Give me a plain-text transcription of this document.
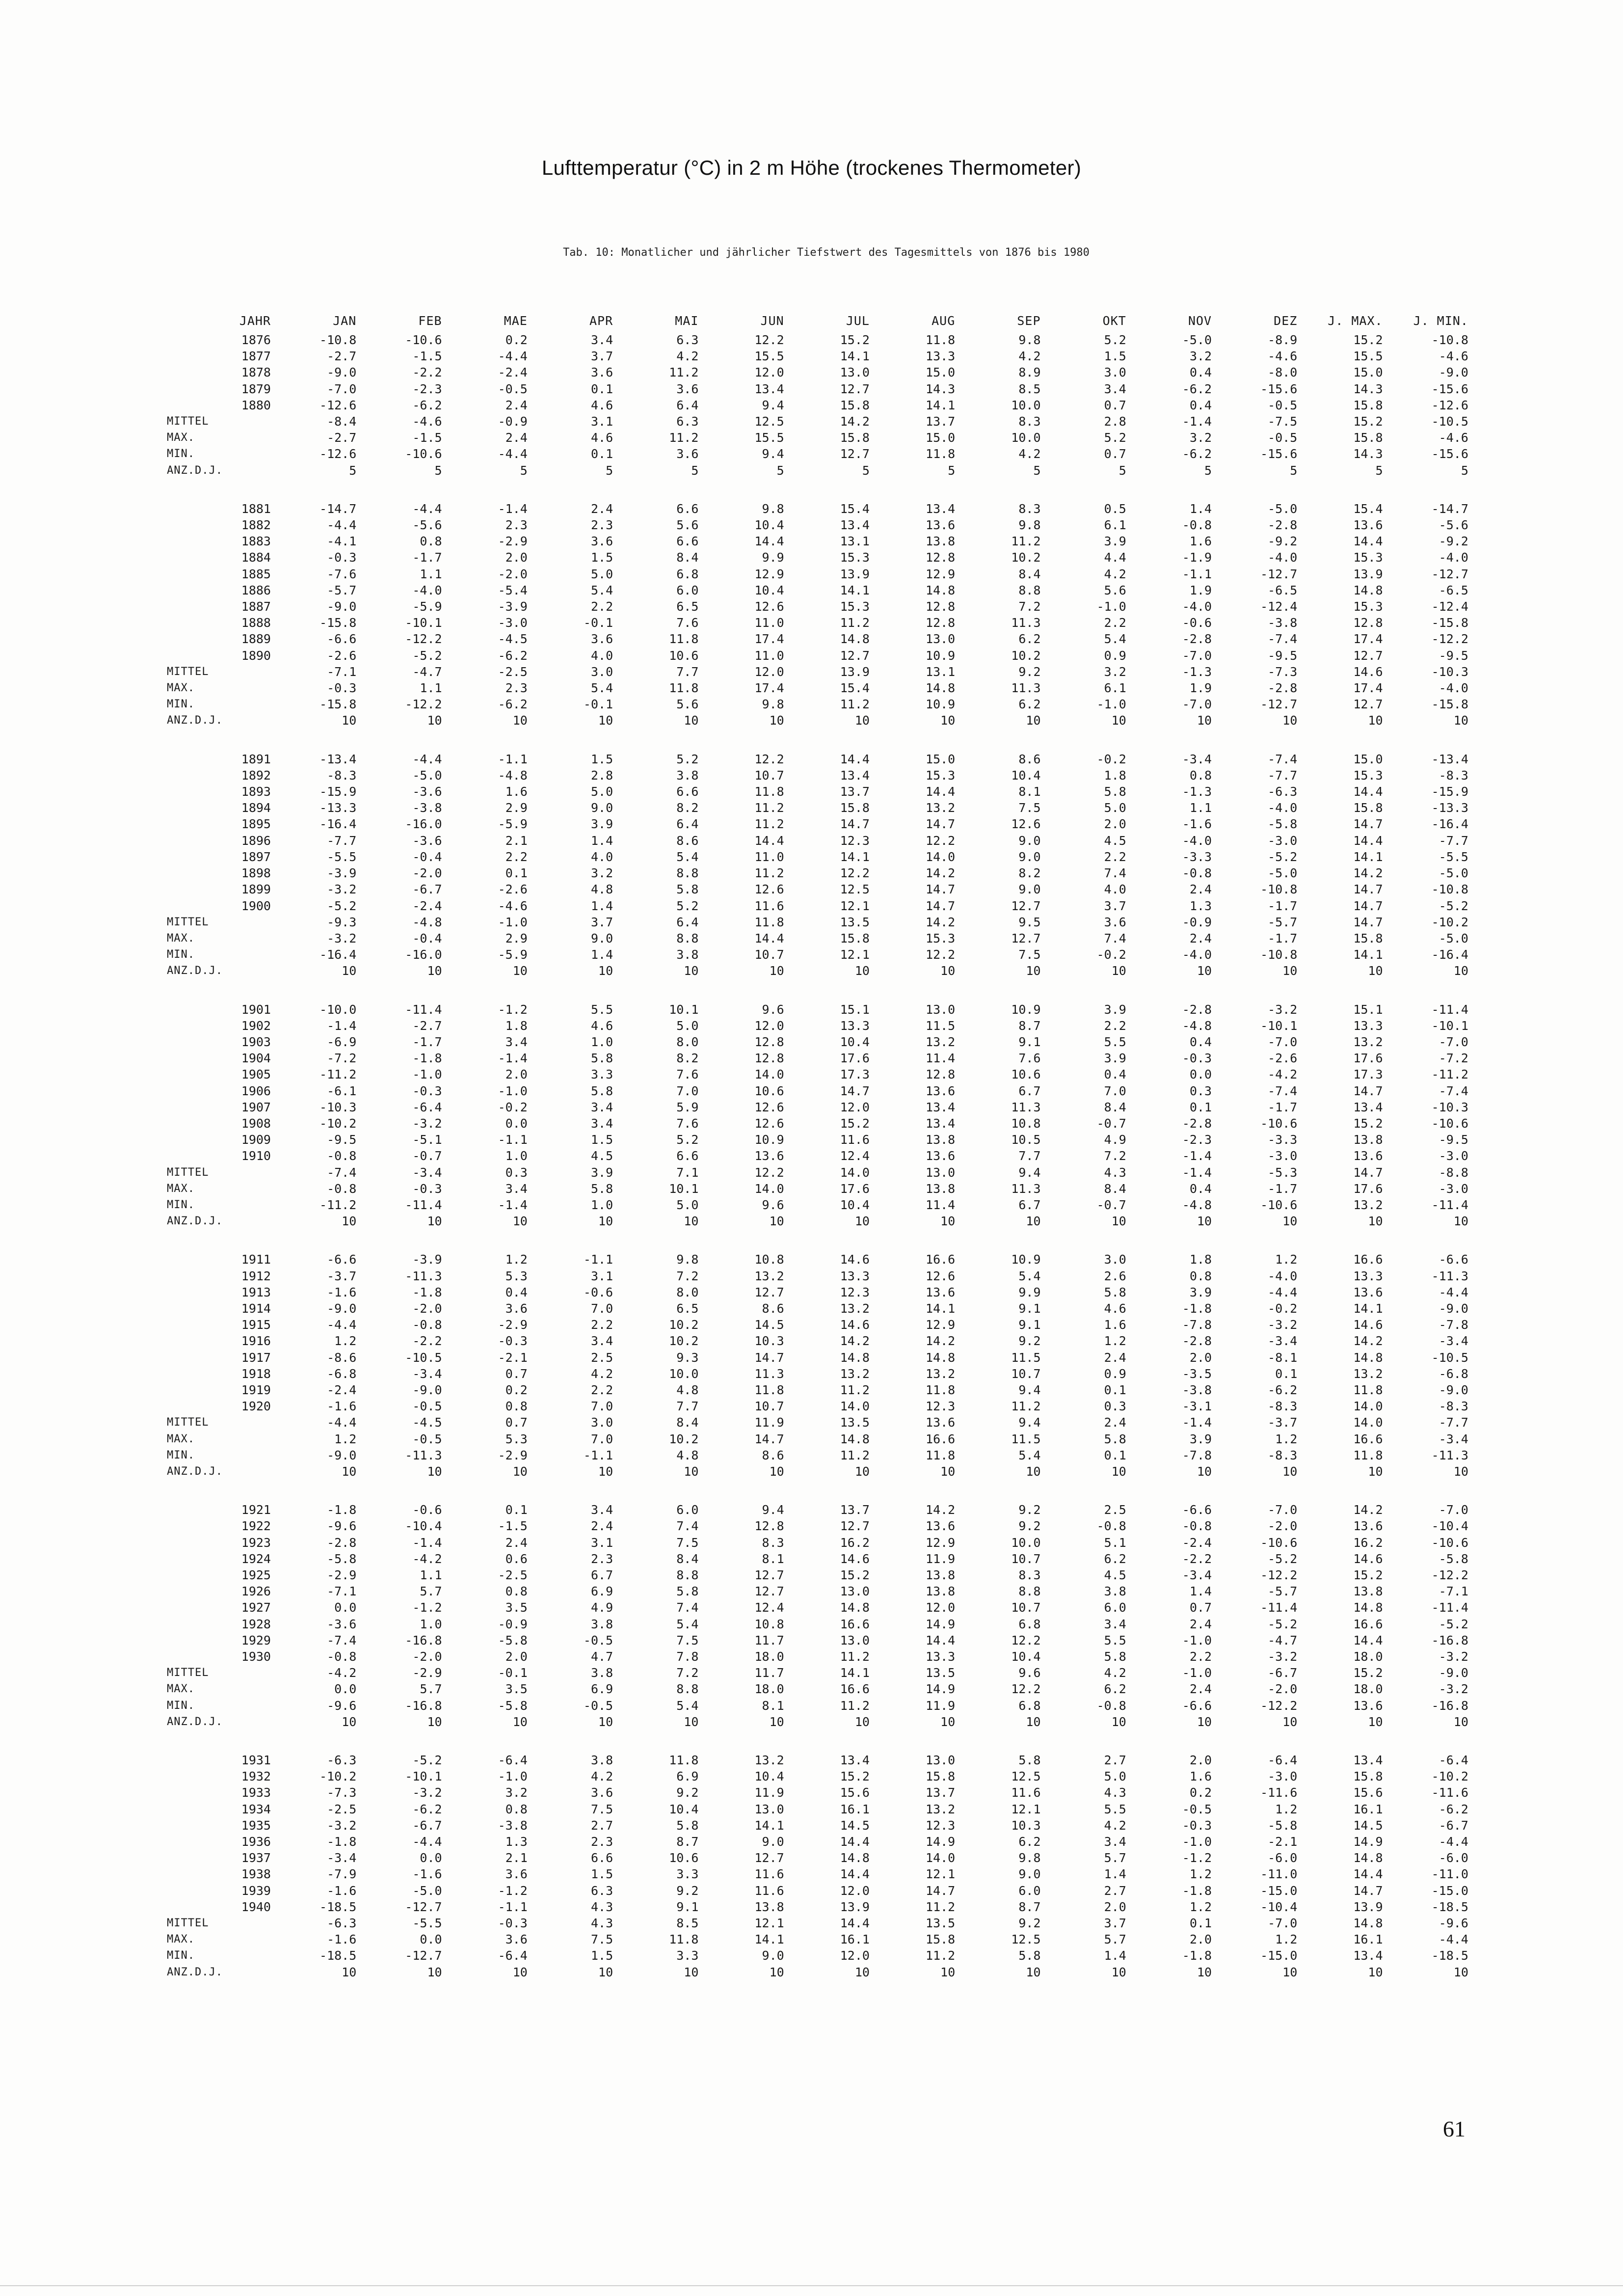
Lufttemperatur (°C) in 2 m Höhe (trockenes Thermometer)
Tab. 10: Monatlicher und jährlicher Tiefstwert des Tagesmittels von 1876 bis 1980
	JAHR	JAN	FEB	MAE	APR	MAI	JUN	JUL	AUG	SEP	OKT	NOV	DEZ	J. MAX.	J. MIN.
	1876	-10.8	-10.6	0.2	3.4	6.3	12.2	15.2	11.8	9.8	5.2	-5.0	-8.9	15.2	-10.8
	1877	-2.7	-1.5	-4.4	3.7	4.2	15.5	14.1	13.3	4.2	1.5	3.2	-4.6	15.5	-4.6
	1878	-9.0	-2.2	-2.4	3.6	11.2	12.0	13.0	15.0	8.9	3.0	0.4	-8.0	15.0	-9.0
	1879	-7.0	-2.3	-0.5	0.1	3.6	13.4	12.7	14.3	8.5	3.4	-6.2	-15.6	14.3	-15.6
	1880	-12.6	-6.2	2.4	4.6	6.4	9.4	15.8	14.1	10.0	0.7	0.4	-0.5	15.8	-12.6
MITTEL		-8.4	-4.6	-0.9	3.1	6.3	12.5	14.2	13.7	8.3	2.8	-1.4	-7.5	15.2	-10.5
MAX.		-2.7	-1.5	2.4	4.6	11.2	15.5	15.8	15.0	10.0	5.2	3.2	-0.5	15.8	-4.6
MIN.		-12.6	-10.6	-4.4	0.1	3.6	9.4	12.7	11.8	4.2	0.7	-6.2	-15.6	14.3	-15.6
ANZ.D.J.		5	5	5	5	5	5	5	5	5	5	5	5	5	5

	1881	-14.7	-4.4	-1.4	2.4	6.6	9.8	15.4	13.4	8.3	0.5	1.4	-5.0	15.4	-14.7
	1882	-4.4	-5.6	2.3	2.3	5.6	10.4	13.4	13.6	9.8	6.1	-0.8	-2.8	13.6	-5.6
	1883	-4.1	0.8	-2.9	3.6	6.6	14.4	13.1	13.8	11.2	3.9	1.6	-9.2	14.4	-9.2
	1884	-0.3	-1.7	2.0	1.5	8.4	9.9	15.3	12.8	10.2	4.4	-1.9	-4.0	15.3	-4.0
	1885	-7.6	1.1	-2.0	5.0	6.8	12.9	13.9	12.9	8.4	4.2	-1.1	-12.7	13.9	-12.7
	1886	-5.7	-4.0	-5.4	5.4	6.0	10.4	14.1	14.8	8.8	5.6	1.9	-6.5	14.8	-6.5
	1887	-9.0	-5.9	-3.9	2.2	6.5	12.6	15.3	12.8	7.2	-1.0	-4.0	-12.4	15.3	-12.4
	1888	-15.8	-10.1	-3.0	-0.1	7.6	11.0	11.2	12.8	11.3	2.2	-0.6	-3.8	12.8	-15.8
	1889	-6.6	-12.2	-4.5	3.6	11.8	17.4	14.8	13.0	6.2	5.4	-2.8	-7.4	17.4	-12.2
	1890	-2.6	-5.2	-6.2	4.0	10.6	11.0	12.7	10.9	10.2	0.9	-7.0	-9.5	12.7	-9.5
MITTEL		-7.1	-4.7	-2.5	3.0	7.7	12.0	13.9	13.1	9.2	3.2	-1.3	-7.3	14.6	-10.3
MAX.		-0.3	1.1	2.3	5.4	11.8	17.4	15.4	14.8	11.3	6.1	1.9	-2.8	17.4	-4.0
MIN.		-15.8	-12.2	-6.2	-0.1	5.6	9.8	11.2	10.9	6.2	-1.0	-7.0	-12.7	12.7	-15.8
ANZ.D.J.		10	10	10	10	10	10	10	10	10	10	10	10	10	10

	1891	-13.4	-4.4	-1.1	1.5	5.2	12.2	14.4	15.0	8.6	-0.2	-3.4	-7.4	15.0	-13.4
	1892	-8.3	-5.0	-4.8	2.8	3.8	10.7	13.4	15.3	10.4	1.8	0.8	-7.7	15.3	-8.3
	1893	-15.9	-3.6	1.6	5.0	6.6	11.8	13.7	14.4	8.1	5.8	-1.3	-6.3	14.4	-15.9
	1894	-13.3	-3.8	2.9	9.0	8.2	11.2	15.8	13.2	7.5	5.0	1.1	-4.0	15.8	-13.3
	1895	-16.4	-16.0	-5.9	3.9	6.4	11.2	14.7	14.7	12.6	2.0	-1.6	-5.8	14.7	-16.4
	1896	-7.7	-3.6	2.1	1.4	8.6	14.4	12.3	12.2	9.0	4.5	-4.0	-3.0	14.4	-7.7
	1897	-5.5	-0.4	2.2	4.0	5.4	11.0	14.1	14.0	9.0	2.2	-3.3	-5.2	14.1	-5.5
	1898	-3.9	-2.0	0.1	3.2	8.8	11.2	12.2	14.2	8.2	7.4	-0.8	-5.0	14.2	-5.0
	1899	-3.2	-6.7	-2.6	4.8	5.8	12.6	12.5	14.7	9.0	4.0	2.4	-10.8	14.7	-10.8
	1900	-5.2	-2.4	-4.6	1.4	5.2	11.6	12.1	14.7	12.7	3.7	1.3	-1.7	14.7	-5.2
MITTEL		-9.3	-4.8	-1.0	3.7	6.4	11.8	13.5	14.2	9.5	3.6	-0.9	-5.7	14.7	-10.2
MAX.		-3.2	-0.4	2.9	9.0	8.8	14.4	15.8	15.3	12.7	7.4	2.4	-1.7	15.8	-5.0
MIN.		-16.4	-16.0	-5.9	1.4	3.8	10.7	12.1	12.2	7.5	-0.2	-4.0	-10.8	14.1	-16.4
ANZ.D.J.		10	10	10	10	10	10	10	10	10	10	10	10	10	10

	1901	-10.0	-11.4	-1.2	5.5	10.1	9.6	15.1	13.0	10.9	3.9	-2.8	-3.2	15.1	-11.4
	1902	-1.4	-2.7	1.8	4.6	5.0	12.0	13.3	11.5	8.7	2.2	-4.8	-10.1	13.3	-10.1
	1903	-6.9	-1.7	3.4	1.0	8.0	12.8	10.4	13.2	9.1	5.5	0.4	-7.0	13.2	-7.0
	1904	-7.2	-1.8	-1.4	5.8	8.2	12.8	17.6	11.4	7.6	3.9	-0.3	-2.6	17.6	-7.2
	1905	-11.2	-1.0	2.0	3.3	7.6	14.0	17.3	12.8	10.6	0.4	0.0	-4.2	17.3	-11.2
	1906	-6.1	-0.3	-1.0	5.8	7.0	10.6	14.7	13.6	6.7	7.0	0.3	-7.4	14.7	-7.4
	1907	-10.3	-6.4	-0.2	3.4	5.9	12.6	12.0	13.4	11.3	8.4	0.1	-1.7	13.4	-10.3
	1908	-10.2	-3.2	0.0	3.4	7.6	12.6	15.2	13.4	10.8	-0.7	-2.8	-10.6	15.2	-10.6
	1909	-9.5	-5.1	-1.1	1.5	5.2	10.9	11.6	13.8	10.5	4.9	-2.3	-3.3	13.8	-9.5
	1910	-0.8	-0.7	1.0	4.5	6.6	13.6	12.4	13.6	7.7	7.2	-1.4	-3.0	13.6	-3.0
MITTEL		-7.4	-3.4	0.3	3.9	7.1	12.2	14.0	13.0	9.4	4.3	-1.4	-5.3	14.7	-8.8
MAX.		-0.8	-0.3	3.4	5.8	10.1	14.0	17.6	13.8	11.3	8.4	0.4	-1.7	17.6	-3.0
MIN.		-11.2	-11.4	-1.4	1.0	5.0	9.6	10.4	11.4	6.7	-0.7	-4.8	-10.6	13.2	-11.4
ANZ.D.J.		10	10	10	10	10	10	10	10	10	10	10	10	10	10

	1911	-6.6	-3.9	1.2	-1.1	9.8	10.8	14.6	16.6	10.9	3.0	1.8	1.2	16.6	-6.6
	1912	-3.7	-11.3	5.3	3.1	7.2	13.2	13.3	12.6	5.4	2.6	0.8	-4.0	13.3	-11.3
	1913	-1.6	-1.8	0.4	-0.6	8.0	12.7	12.3	13.6	9.9	5.8	3.9	-4.4	13.6	-4.4
	1914	-9.0	-2.0	3.6	7.0	6.5	8.6	13.2	14.1	9.1	4.6	-1.8	-0.2	14.1	-9.0
	1915	-4.4	-0.8	-2.9	2.2	10.2	14.5	14.6	12.9	9.1	1.6	-7.8	-3.2	14.6	-7.8
	1916	1.2	-2.2	-0.3	3.4	10.2	10.3	14.2	14.2	9.2	1.2	-2.8	-3.4	14.2	-3.4
	1917	-8.6	-10.5	-2.1	2.5	9.3	14.7	14.8	14.8	11.5	2.4	2.0	-8.1	14.8	-10.5
	1918	-6.8	-3.4	0.7	4.2	10.0	11.3	13.2	13.2	10.7	0.9	-3.5	0.1	13.2	-6.8
	1919	-2.4	-9.0	0.2	2.2	4.8	11.8	11.2	11.8	9.4	0.1	-3.8	-6.2	11.8	-9.0
	1920	-1.6	-0.5	0.8	7.0	7.7	10.7	14.0	12.3	11.2	0.3	-3.1	-8.3	14.0	-8.3
MITTEL		-4.4	-4.5	0.7	3.0	8.4	11.9	13.5	13.6	9.4	2.4	-1.4	-3.7	14.0	-7.7
MAX.		1.2	-0.5	5.3	7.0	10.2	14.7	14.8	16.6	11.5	5.8	3.9	1.2	16.6	-3.4
MIN.		-9.0	-11.3	-2.9	-1.1	4.8	8.6	11.2	11.8	5.4	0.1	-7.8	-8.3	11.8	-11.3
ANZ.D.J.		10	10	10	10	10	10	10	10	10	10	10	10	10	10

	1921	-1.8	-0.6	0.1	3.4	6.0	9.4	13.7	14.2	9.2	2.5	-6.6	-7.0	14.2	-7.0
	1922	-9.6	-10.4	-1.5	2.4	7.4	12.8	12.7	13.6	9.2	-0.8	-0.8	-2.0	13.6	-10.4
	1923	-2.8	-1.4	2.4	3.1	7.5	8.3	16.2	12.9	10.0	5.1	-2.4	-10.6	16.2	-10.6
	1924	-5.8	-4.2	0.6	2.3	8.4	8.1	14.6	11.9	10.7	6.2	-2.2	-5.2	14.6	-5.8
	1925	-2.9	1.1	-2.5	6.7	8.8	12.7	15.2	13.8	8.3	4.5	-3.4	-12.2	15.2	-12.2
	1926	-7.1	5.7	0.8	6.9	5.8	12.7	13.0	13.8	8.8	3.8	1.4	-5.7	13.8	-7.1
	1927	0.0	-1.2	3.5	4.9	7.4	12.4	14.8	12.0	10.7	6.0	0.7	-11.4	14.8	-11.4
	1928	-3.6	1.0	-0.9	3.8	5.4	10.8	16.6	14.9	6.8	3.4	2.4	-5.2	16.6	-5.2
	1929	-7.4	-16.8	-5.8	-0.5	7.5	11.7	13.0	14.4	12.2	5.5	-1.0	-4.7	14.4	-16.8
	1930	-0.8	-2.0	2.0	4.7	7.8	18.0	11.2	13.3	10.4	5.8	2.2	-3.2	18.0	-3.2
MITTEL		-4.2	-2.9	-0.1	3.8	7.2	11.7	14.1	13.5	9.6	4.2	-1.0	-6.7	15.2	-9.0
MAX.		0.0	5.7	3.5	6.9	8.8	18.0	16.6	14.9	12.2	6.2	2.4	-2.0	18.0	-3.2
MIN.		-9.6	-16.8	-5.8	-0.5	5.4	8.1	11.2	11.9	6.8	-0.8	-6.6	-12.2	13.6	-16.8
ANZ.D.J.		10	10	10	10	10	10	10	10	10	10	10	10	10	10

	1931	-6.3	-5.2	-6.4	3.8	11.8	13.2	13.4	13.0	5.8	2.7	2.0	-6.4	13.4	-6.4
	1932	-10.2	-10.1	-1.0	4.2	6.9	10.4	15.2	15.8	12.5	5.0	1.6	-3.0	15.8	-10.2
	1933	-7.3	-3.2	3.2	3.6	9.2	11.9	15.6	13.7	11.6	4.3	0.2	-11.6	15.6	-11.6
	1934	-2.5	-6.2	0.8	7.5	10.4	13.0	16.1	13.2	12.1	5.5	-0.5	1.2	16.1	-6.2
	1935	-3.2	-6.7	-3.8	2.7	5.8	14.1	14.5	12.3	10.3	4.2	-0.3	-5.8	14.5	-6.7
	1936	-1.8	-4.4	1.3	2.3	8.7	9.0	14.4	14.9	6.2	3.4	-1.0	-2.1	14.9	-4.4
	1937	-3.4	0.0	2.1	6.6	10.6	12.7	14.8	14.0	9.8	5.7	-1.2	-6.0	14.8	-6.0
	1938	-7.9	-1.6	3.6	1.5	3.3	11.6	14.4	12.1	9.0	1.4	1.2	-11.0	14.4	-11.0
	1939	-1.6	-5.0	-1.2	6.3	9.2	11.6	12.0	14.7	6.0	2.7	-1.8	-15.0	14.7	-15.0
	1940	-18.5	-12.7	-1.1	4.3	9.1	13.8	13.9	11.2	8.7	2.0	1.2	-10.4	13.9	-18.5
MITTEL		-6.3	-5.5	-0.3	4.3	8.5	12.1	14.4	13.5	9.2	3.7	0.1	-7.0	14.8	-9.6
MAX.		-1.6	0.0	3.6	7.5	11.8	14.1	16.1	15.8	12.5	5.7	2.0	1.2	16.1	-4.4
MIN.		-18.5	-12.7	-6.4	1.5	3.3	9.0	12.0	11.2	5.8	1.4	-1.8	-15.0	13.4	-18.5
ANZ.D.J.		10	10	10	10	10	10	10	10	10	10	10	10	10	10
61
